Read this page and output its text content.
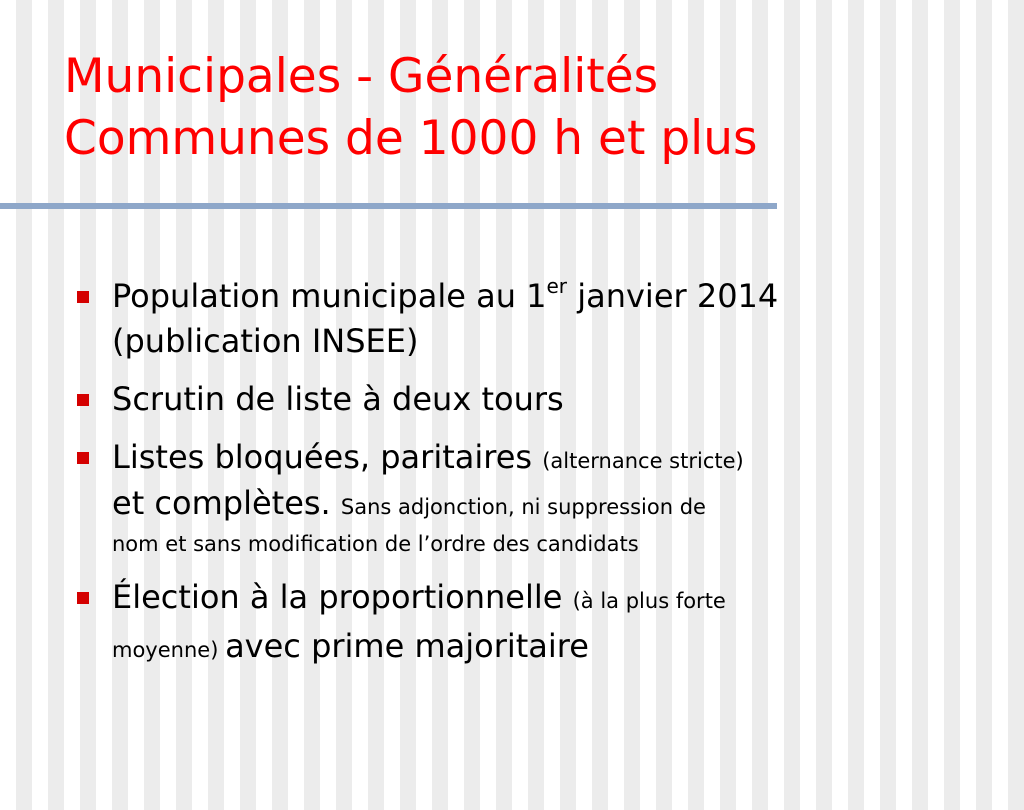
Municipales - Généralités
Communes de 1000 h et plus
Population municipale au 1er janvier 2014
(publication INSEE)
Scrutin de liste à deux tours
Listes bloquées, paritaires (alternance stricte)
et complètes. Sans adjonction, ni suppression de
nom et sans modification de l’ordre des candidats
Élection à la proportionnelle (à la plus forte
moyenne) avec prime majoritaire
